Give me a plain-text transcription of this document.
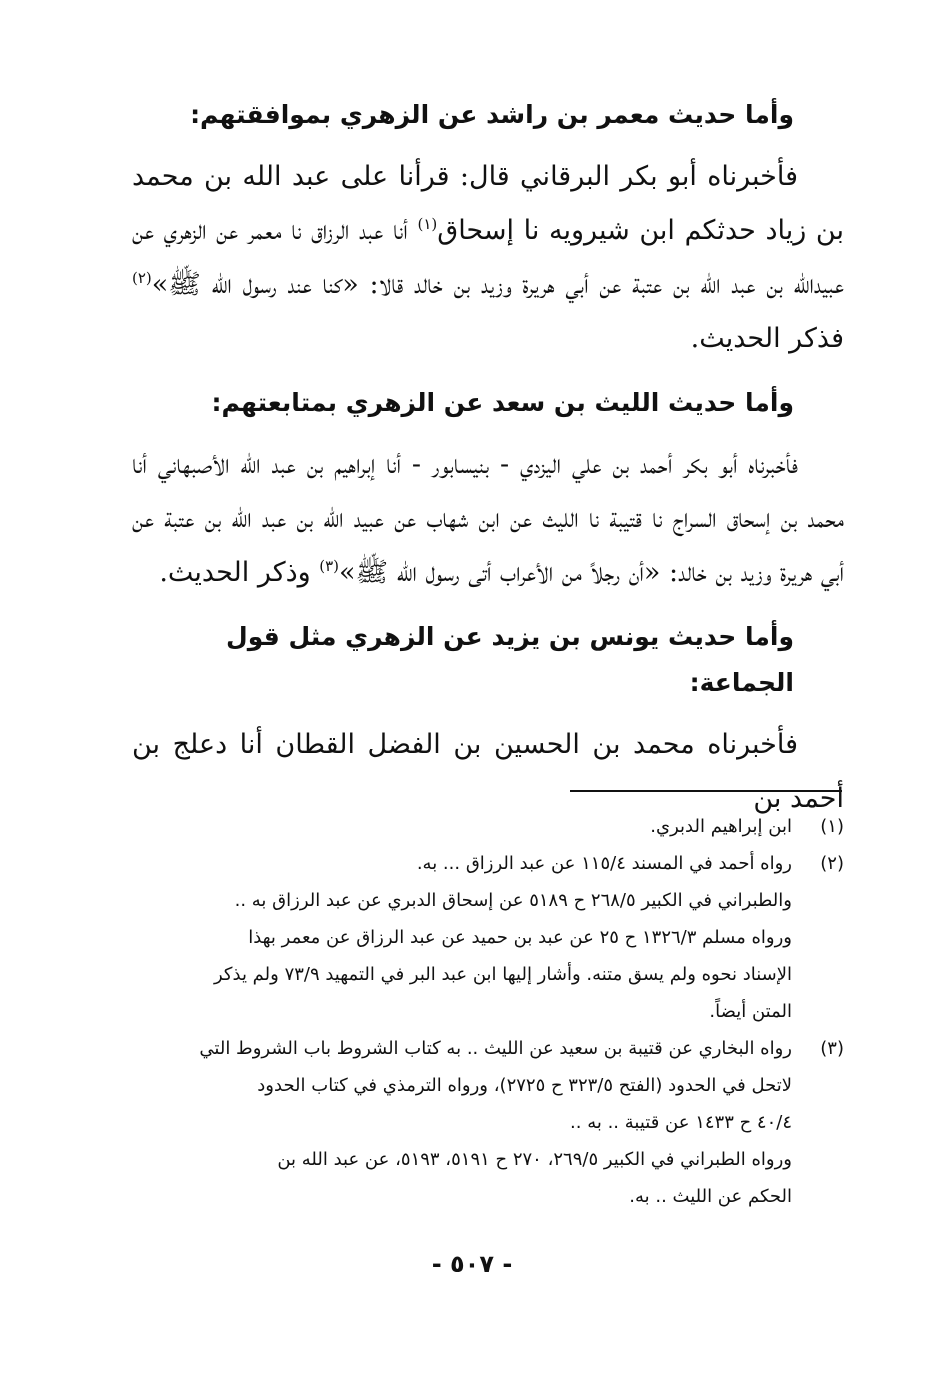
وأما حديث معمر بن راشد عن الزهري بموافقتهم:

فأخبرناه أبو بكر البرقاني قال: قرأنا على عبد الله بن محمد بن زياد حدثكم ابن شيرويه نا إسحاق$^{(١)}$ أنا عبد الرزاق نا معمر عن الزهري عن عبيدالله بن عبد الله بن عتبة عن أبي هريرة وزيد بن خالد قالا: «كنا عند رسول الله ﷺ»$^{(٢)}$ فذكر الحديث.

وأما حديث الليث بن سعد عن الزهري بمتابعتهم:

فأخبرناه أبو بكر أحمد بن علي اليزدي - بنيسابور - أنا إبراهيم بن عبد الله الأصبهاني أنا محمد بن إسحاق السراج نا قتيبة نا الليث عن ابن شهاب عن عبيد الله بن عبد الله بن عتبة عن أبي هريرة وزيد بن خالد: «أن رجلاً من الأعراب أتى رسول الله ﷺ»$^{(٣)}$ وذكر الحديث.

وأما حديث يونس بن يزيد عن الزهري مثل قول الجماعة:

فأخبرناه محمد بن الحسين بن الفضل القطان أنا دعلج بن أحمد بن

(١)
ابن إبراهيم الدبري.
(٢)
رواه أحمد في المسند ١١٥/٤ عن عبد الرزاق ... به.
والطبراني في الكبير ٢٦٨/٥ ح ٥١٨٩ عن إسحاق الدبري عن عبد الرزاق به ..
ورواه مسلم ١٣٢٦/٣ ح ٢٥ عن عبد بن حميد عن عبد الرزاق عن معمر بهذا
الإسناد نحوه ولم يسق متنه. وأشار إليها ابن عبد البر في التمهيد ٧٣/٩ ولم يذكر
المتن أيضاً.
(٣)
رواه البخاري عن قتيبة بن سعيد عن الليث .. به كتاب الشروط باب الشروط التي
لاتحل في الحدود (الفتح ٣٢٣/٥ ح ٢٧٢٥)، ورواه الترمذي في كتاب الحدود
٤٠/٤ ح ١٤٣٣ عن قتيبة .. به ..
ورواه الطبراني في الكبير ٢٦٩/٥، ٢٧٠ ح ٥١٩١، ٥١٩٣، عن عبد الله بن
الحكم عن الليث .. به.
- ٥٠٧ -
